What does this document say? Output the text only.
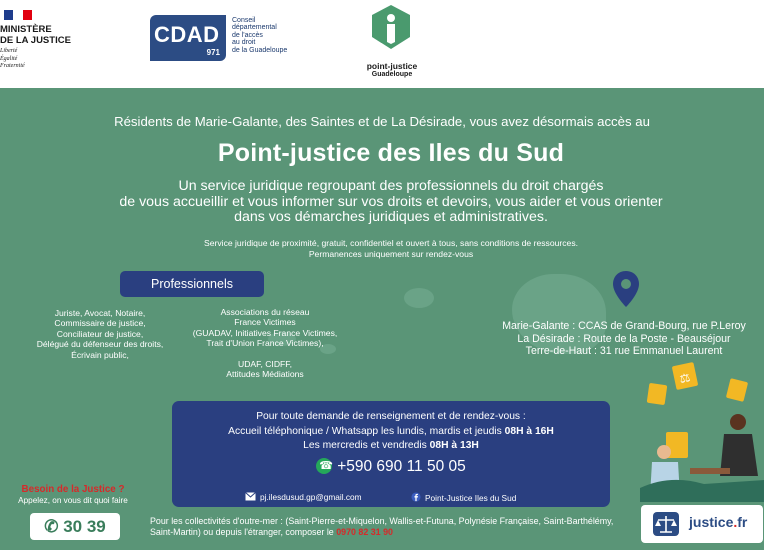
MINISTÈRE
DE LA JUSTICE
Liberté
Égalité
Fraternité
CDAD
971
Conseil
départemental
de l'accès
au droit
de la Guadeloupe
point-justice
Guadeloupe
Résidents de Marie-Galante, des Saintes et de La Désirade, vous avez désormais accès au
Point-justice des Iles du Sud
Un service juridique regroupant des professionnels du droit chargés
de vous accueillir et vous informer sur vos droits et devoirs, vous aider et vous orienter
dans vos démarches juridiques et administratives.
Service juridique de proximité, gratuit, confidentiel et ouvert à tous, sans conditions de ressources.
Permanences uniquement sur rendez-vous
Professionnels
Juriste, Avocat, Notaire,
Commissaire de justice,
Conciliateur de justice,
Délégué du défenseur des droits,
Écrivain public,
Associations du réseau
France Victimes
(GUADAV, Initiatives France Victimes,
Trait d'Union France Victimes),
UDAF, CIDFF,
Attitudes Médiations
Marie-Galante : CCAS de Grand-Bourg, rue P.Leroy
La Désirade : Route de la Poste - Beauséjour
Terre-de-Haut : 31 rue Emmanuel Laurent
Pour toute demande de renseignement et de rendez-vous :
Accueil téléphonique / Whatsapp les lundis, mardis et jeudis 08H à 16H
Les mercredis et vendredis 08H à 13H
☎+590 690 11 50 05
pj.ilesdusud.gp@gmail.com	Point-Justice Iles du Sud
Besoin de la Justice ?
Appelez, on vous dit quoi faire
✆ 30 39	Pour les collectivités d'outre-mer : (Saint-Pierre-et-Miquelon, Wallis-et-Futuna, Polynésie Française, Saint-Barthélémy, Saint-Martin) ou depuis l'étranger, composer le 0970 82 31 90
⚖
justice.fr
